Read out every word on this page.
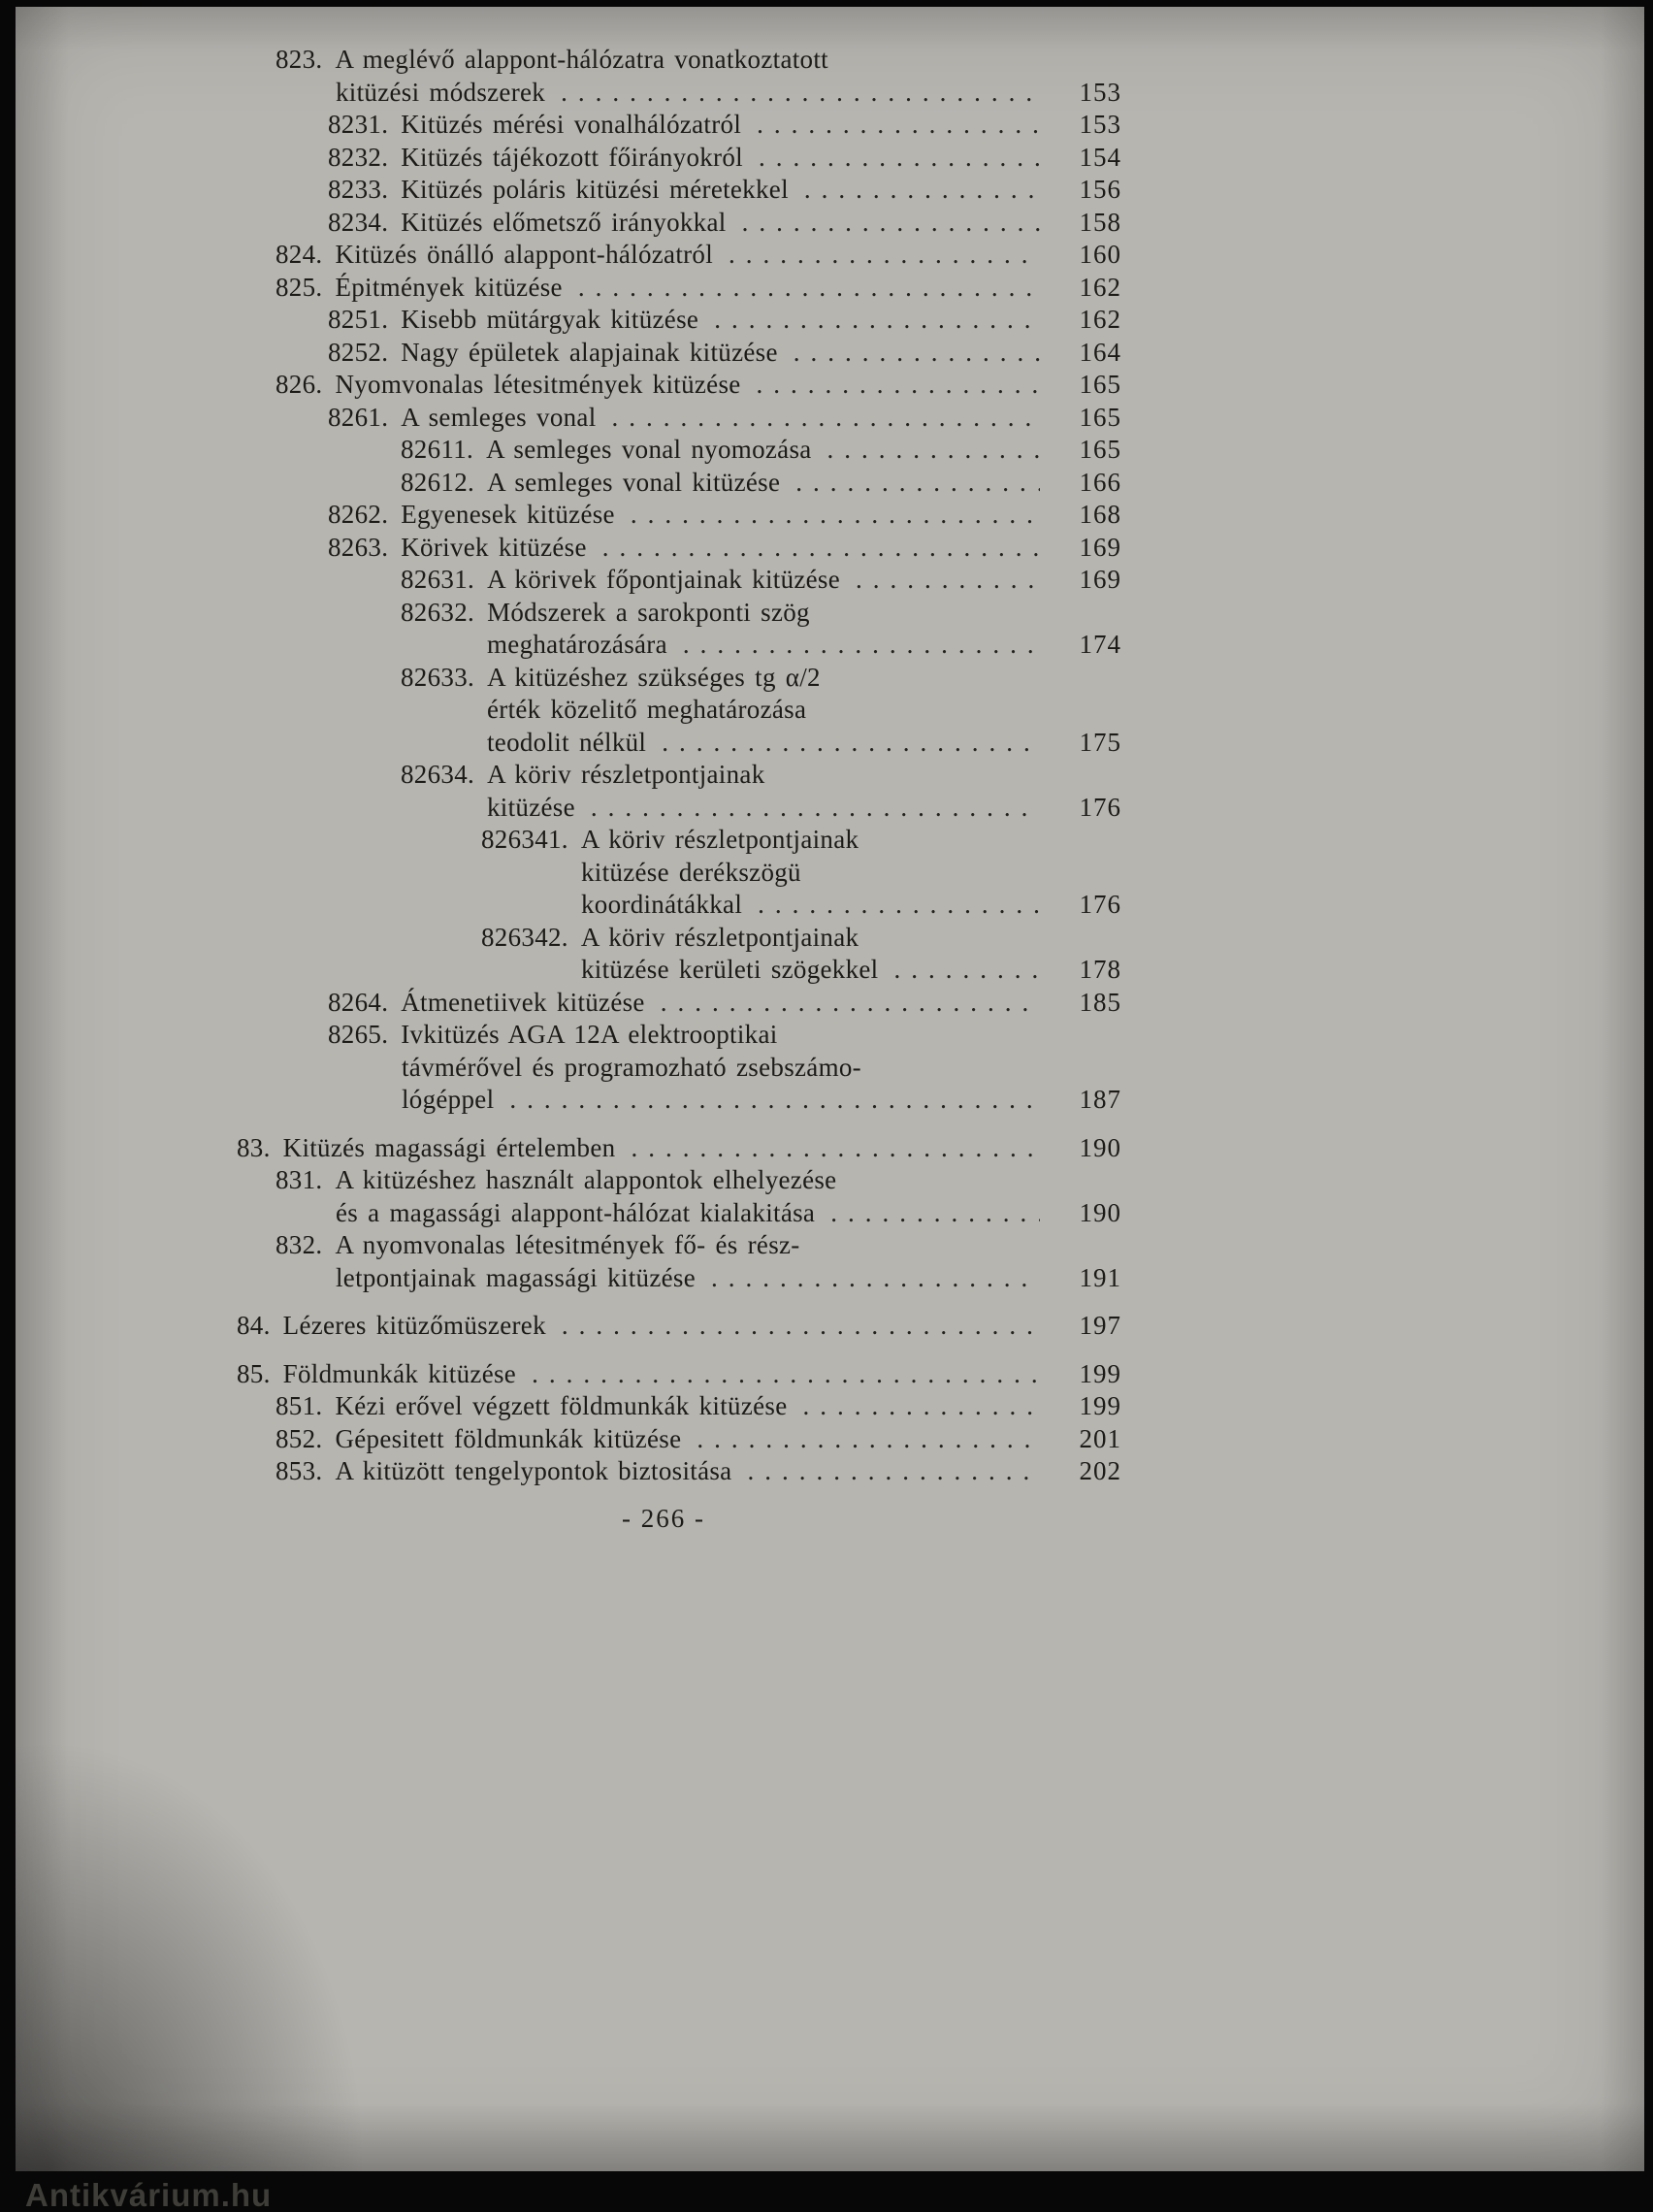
823. A meglévő alappont-hálózatra vonatkoztatott
kitüzési módszerek .....	153
8231. Kitüzés mérési vonalhálózatról .....	153
8232. Kitüzés tájékozott főirányokról .....	154
8233. Kitüzés poláris kitüzési méretekkel .....	156
8234. Kitüzés előmetsző irányokkal .....	158
824. Kitüzés önálló alappont-hálózatról .....	160
825. Épitmények kitüzése .....	162
8251. Kisebb mütárgyak kitüzése .....	162
8252. Nagy épületek alapjainak kitüzése .....	164
826. Nyomvonalas létesitmények kitüzése .....	165
8261. A semleges vonal .....	165
82611. A semleges vonal nyomozása .....	165
82612. A semleges vonal kitüzése .....	166
8262. Egyenesek kitüzése .....	168
8263. Körivek kitüzése .....	169
82631. A körivek főpontjainak kitüzése .....	169
82632. Módszerek a sarokponti szög
meghatározására .....	174
82633. A kitüzéshez szükséges tg α/2
érték közelitő meghatározása
teodolit nélkül .....	175
82634. A köriv részletpontjainak
kitüzése .....	176
826341. A köriv részletpontjainak
kitüzése derékszögü
koordinátákkal .....	176
826342. A köriv részletpontjainak
kitüzése kerületi szögekkel .....	178
8264. Átmenetiivek kitüzése .....	185
8265. Ivkitüzés AGA 12A elektrooptikai
távmérővel és programozható zsebszámo-
lógéppel .....	187
83. Kitüzés magassági értelemben .....	190
831. A kitüzéshez használt alappontok elhelyezése
és a magassági alappont-hálózat kialakitása .....	190
832. A nyomvonalas létesitmények fő- és rész-
letpontjainak magassági kitüzése .....	191
84. Lézeres kitüzőmüszerek .....	197
85. Földmunkák kitüzése .....	199
851. Kézi erővel végzett földmunkák kitüzése .....	199
852. Gépesitett földmunkák kitüzése .....	201
853. A kitüzött tengelypontok biztositása .....	202
- 266 -
Antikvárium.hu
